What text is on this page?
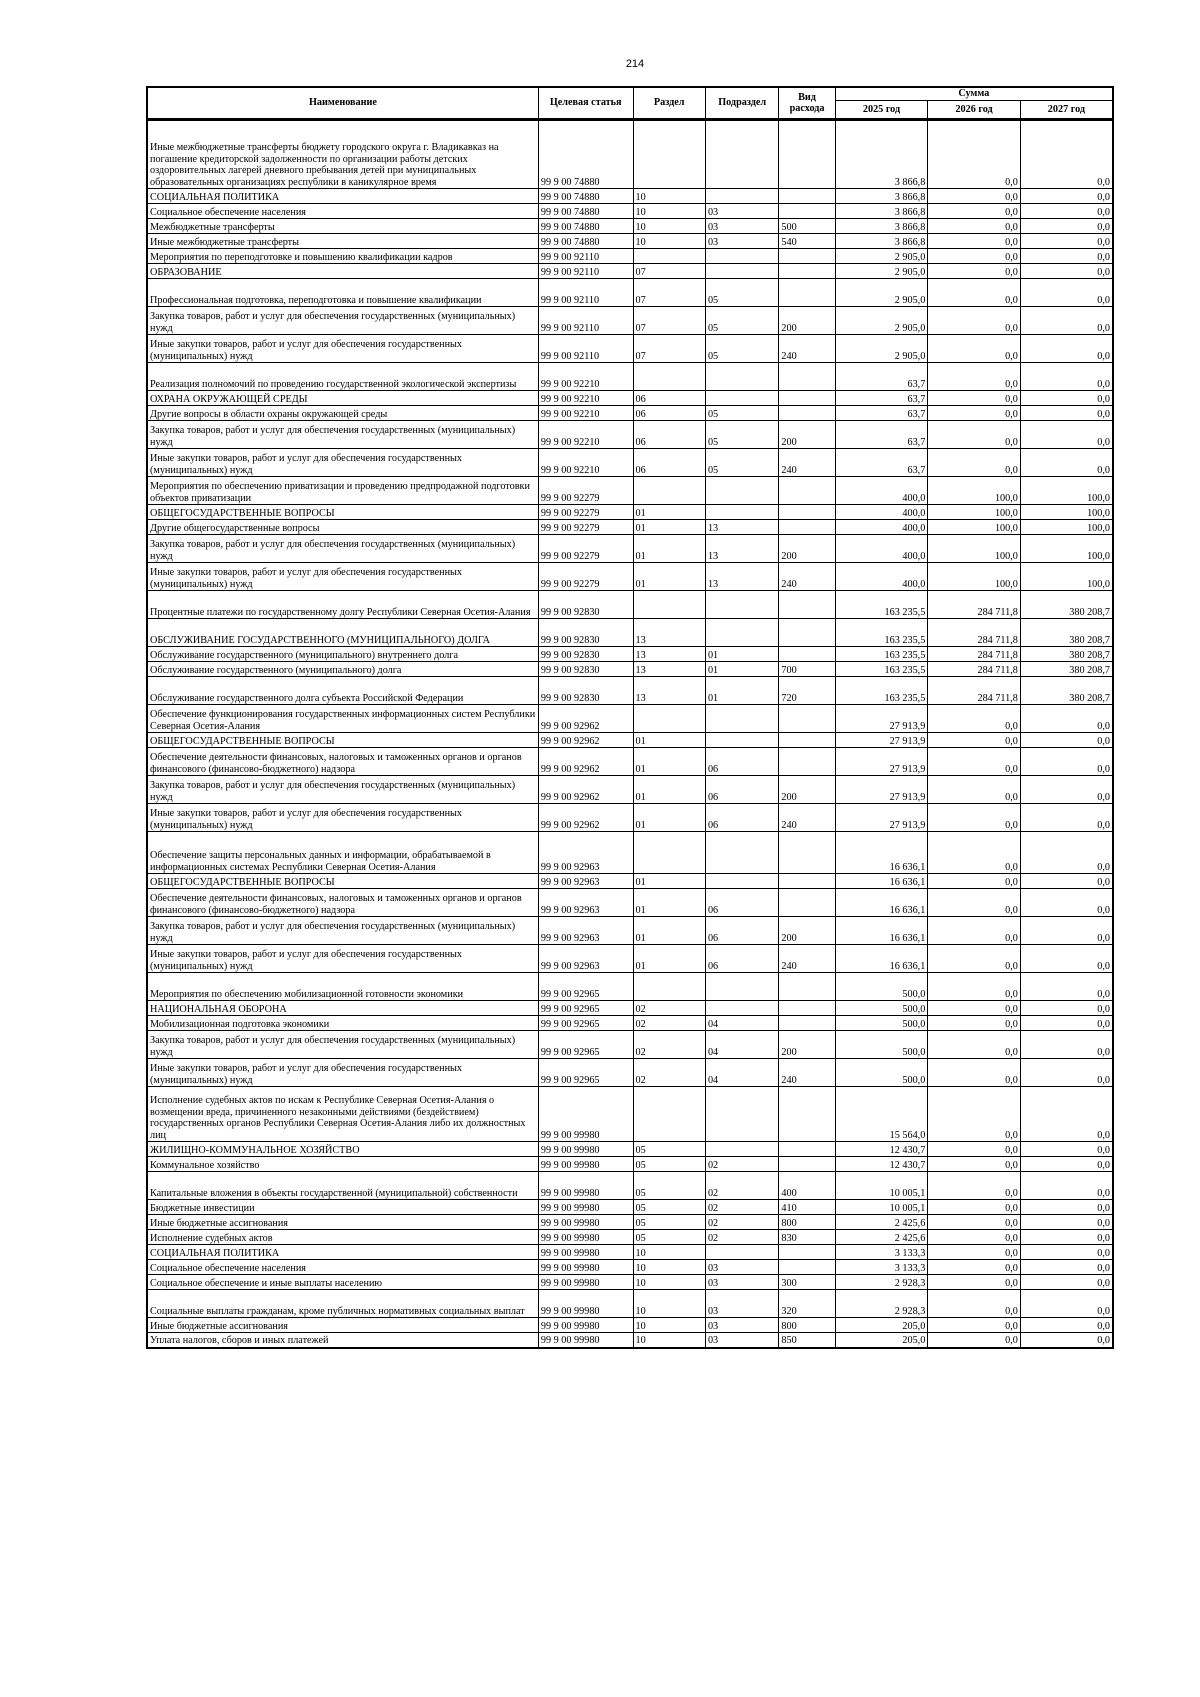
214
Наименование	Целевая статья	Раздел	Подраздел	Вид расхода	Сумма		
					2025 год	2026 год	2027 год
Иные межбюджетные трансферты бюджету городского округа г. Владикавказ на погашение кредиторской задолженности по организации работы детских оздоровительных лагерей дневного пребывания детей при муниципальных образовательных организациях республики в каникулярное время	99 9 00 74880				3 866,8	0,0	0,0
СОЦИАЛЬНАЯ ПОЛИТИКА	99 9 00 74880	10			3 866,8	0,0	0,0
Социальное обеспечение населения	99 9 00 74880	10	03		3 866,8	0,0	0,0
Межбюджетные трансферты	99 9 00 74880	10	03	500	3 866,8	0,0	0,0
Иные межбюджетные трансферты	99 9 00 74880	10	03	540	3 866,8	0,0	0,0
Мероприятия по переподготовке и повышению квалификации кадров	99 9 00 92110				2 905,0	0,0	0,0
ОБРАЗОВАНИЕ	99 9 00 92110	07			2 905,0	0,0	0,0
Профессиональная подготовка, переподготовка и повышение квалификации	99 9 00 92110	07	05		2 905,0	0,0	0,0
Закупка товаров, работ и услуг для обеспечения государственных (муниципальных) нужд	99 9 00 92110	07	05	200	2 905,0	0,0	0,0
Иные закупки товаров, работ и услуг для обеспечения государственных (муниципальных) нужд	99 9 00 92110	07	05	240	2 905,0	0,0	0,0
Реализация полномочий по проведению государственной экологической экспертизы	99 9 00 92210				63,7	0,0	0,0
ОХРАНА ОКРУЖАЮЩЕЙ СРЕДЫ	99 9 00 92210	06			63,7	0,0	0,0
Другие вопросы в области охраны окружающей среды	99 9 00 92210	06	05		63,7	0,0	0,0
Закупка товаров, работ и услуг для обеспечения государственных (муниципальных) нужд	99 9 00 92210	06	05	200	63,7	0,0	0,0
Иные закупки товаров, работ и услуг для обеспечения государственных (муниципальных) нужд	99 9 00 92210	06	05	240	63,7	0,0	0,0
Мероприятия по обеспечению приватизации и проведению предпродажной подготовки объектов приватизации	99 9 00 92279				400,0	100,0	100,0
ОБЩЕГОСУДАРСТВЕННЫЕ ВОПРОСЫ	99 9 00 92279	01			400,0	100,0	100,0
Другие общегосударственные вопросы	99 9 00 92279	01	13		400,0	100,0	100,0
Закупка товаров, работ и услуг для обеспечения государственных (муниципальных) нужд	99 9 00 92279	01	13	200	400,0	100,0	100,0
Иные закупки товаров, работ и услуг для обеспечения государственных (муниципальных) нужд	99 9 00 92279	01	13	240	400,0	100,0	100,0
Процентные платежи по государственному долгу Республики Северная Осетия-Алания	99 9 00 92830				163 235,5	284 711,8	380 208,7
ОБСЛУЖИВАНИЕ ГОСУДАРСТВЕННОГО (МУНИЦИПАЛЬНОГО) ДОЛГА	99 9 00 92830	13			163 235,5	284 711,8	380 208,7
Обслуживание государственного (муниципального) внутреннего долга	99 9 00 92830	13	01		163 235,5	284 711,8	380 208,7
Обслуживание государственного (муниципального) долга	99 9 00 92830	13	01	700	163 235,5	284 711,8	380 208,7
Обслуживание государственного долга субъекта Российской Федерации	99 9 00 92830	13	01	720	163 235,5	284 711,8	380 208,7
Обеспечение функционирования государственных информационных систем Республики Северная Осетия-Алания	99 9 00 92962				27 913,9	0,0	0,0
ОБЩЕГОСУДАРСТВЕННЫЕ ВОПРОСЫ	99 9 00 92962	01			27 913,9	0,0	0,0
Обеспечение деятельности финансовых, налоговых и таможенных органов и органов финансового (финансово-бюджетного) надзора	99 9 00 92962	01	06		27 913,9	0,0	0,0
Закупка товаров, работ и услуг для обеспечения государственных (муниципальных) нужд	99 9 00 92962	01	06	200	27 913,9	0,0	0,0
Иные закупки товаров, работ и услуг для обеспечения государственных (муниципальных) нужд	99 9 00 92962	01	06	240	27 913,9	0,0	0,0
Обеспечение защиты персональных данных и информации, обрабатываемой в информационных системах Республики Северная Осетия-Алания	99 9 00 92963				16 636,1	0,0	0,0
ОБЩЕГОСУДАРСТВЕННЫЕ ВОПРОСЫ	99 9 00 92963	01			16 636,1	0,0	0,0
Обеспечение деятельности финансовых, налоговых и таможенных органов и органов финансового (финансово-бюджетного) надзора	99 9 00 92963	01	06		16 636,1	0,0	0,0
Закупка товаров, работ и услуг для обеспечения государственных (муниципальных) нужд	99 9 00 92963	01	06	200	16 636,1	0,0	0,0
Иные закупки товаров, работ и услуг для обеспечения государственных (муниципальных) нужд	99 9 00 92963	01	06	240	16 636,1	0,0	0,0
Мероприятия по обеспечению мобилизационной готовности экономики	99 9 00 92965				500,0	0,0	0,0
НАЦИОНАЛЬНАЯ ОБОРОНА	99 9 00 92965	02			500,0	0,0	0,0
Мобилизационная подготовка экономики	99 9 00 92965	02	04		500,0	0,0	0,0
Закупка товаров, работ и услуг для обеспечения государственных (муниципальных) нужд	99 9 00 92965	02	04	200	500,0	0,0	0,0
Иные закупки товаров, работ и услуг для обеспечения государственных (муниципальных) нужд	99 9 00 92965	02	04	240	500,0	0,0	0,0
Исполнение судебных актов по искам к Республике Северная Осетия-Алания о возмещении вреда, причиненного незаконными действиями (бездействием) государственных органов Республики Северная Осетия-Алания либо их должностных лиц	99 9 00 99980				15 564,0	0,0	0,0
ЖИЛИЩНО-КОММУНАЛЬНОЕ ХОЗЯЙСТВО	99 9 00 99980	05			12 430,7	0,0	0,0
Коммунальное хозяйство	99 9 00 99980	05	02		12 430,7	0,0	0,0
Капитальные вложения в объекты государственной (муниципальной) собственности	99 9 00 99980	05	02	400	10 005,1	0,0	0,0
Бюджетные инвестиции	99 9 00 99980	05	02	410	10 005,1	0,0	0,0
Иные бюджетные ассигнования	99 9 00 99980	05	02	800	2 425,6	0,0	0,0
Исполнение судебных актов	99 9 00 99980	05	02	830	2 425,6	0,0	0,0
СОЦИАЛЬНАЯ ПОЛИТИКА	99 9 00 99980	10			3 133,3	0,0	0,0
Социальное обеспечение населения	99 9 00 99980	10	03		3 133,3	0,0	0,0
Социальное обеспечение и иные выплаты населению	99 9 00 99980	10	03	300	2 928,3	0,0	0,0
Социальные выплаты гражданам, кроме публичных нормативных социальных выплат	99 9 00 99980	10	03	320	2 928,3	0,0	0,0
Иные бюджетные ассигнования	99 9 00 99980	10	03	800	205,0	0,0	0,0
Уплата налогов, сборов и иных платежей	99 9 00 99980	10	03	850	205,0	0,0	0,0
